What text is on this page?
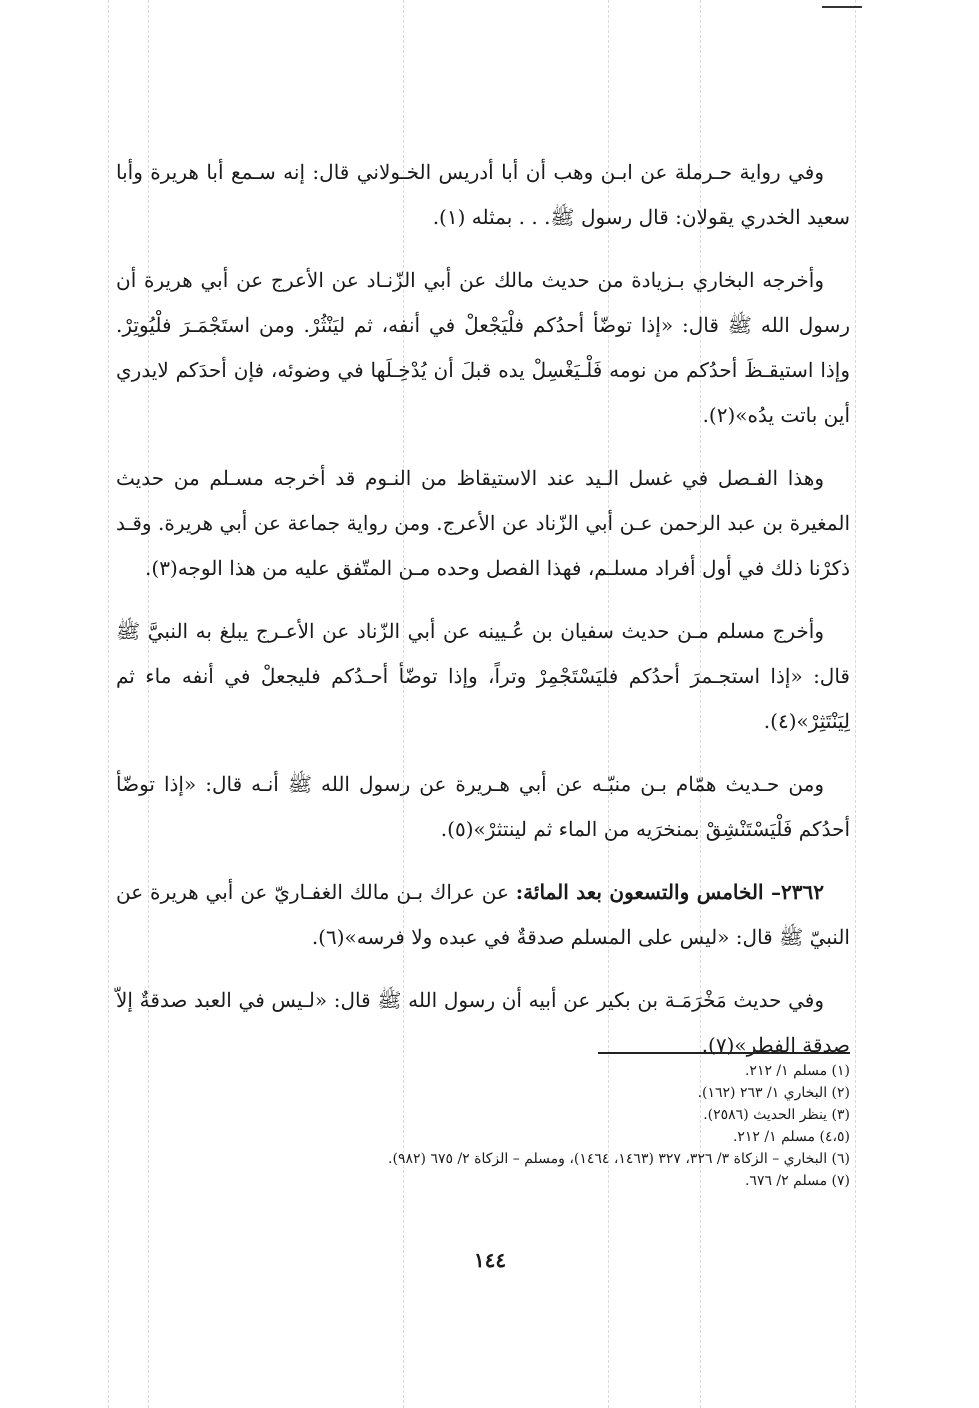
وفي رواية حـرملة عن ابـن وهب أن أبا أدريس الخـولاني قال: إنه سـمع أبا هريرة وأبا سعيد الخدري يقولان: قال رسول ﷺ. . . بمثله (١).

وأخرجه البخاري بـزيادة من حديث مالك عن أبي الزّنـاد عن الأعرج عن أبي هريرة أن رسول الله ﷺ قال: «إذا توضّأ أحدُكم فلْيَجْعلْ في أنفه، ثم ليَنْثُرْ. ومن استَجْمَـرَ فلْيُوتِرْ. وإذا استيقـظَ أحدُكم من نومه فَلْـيَغْسِلْ يده قبلَ أن يُدْخِـلَها في وضوئه، فإن أحدَكم لايدري أين باتت يدُه»(٢).

وهذا الفـصل في غسل الـيد عند الاستيقاظ من النـوم قد أخرجه مسـلم من حديث المغيرة بن عبد الرحمن عـن أبي الزّناد عن الأعرج. ومن رواية جماعة عن أبي هريرة. وقـد ذكرْنا ذلك في أول أفراد مسلـم، فهذا الفصل وحده مـن المتّفق عليه من هذا الوجه(٣).

وأخرج مسلم مـن حديث سفيان بن عُـيينه عن أبي الزّناد عن الأعـرج يبلغ به النبيَّ ﷺ قال: «إذا استجـمرَ أحدُكم فليَسْتَجْمِرْ وتراً، وإذا توضّأ أحـدُكم فليجعلْ في أنفه ماء ثم لِيَنْتَثِرْ»(٤).

ومن حـديث همّام بـن منبّـه عن أبي هـريرة عن رسول الله ﷺ أنـه قال: «إذا توضّأ أحدُكم فَلْيَسْتَنْشِقْ بمنخرَيه من الماء ثم لينتثرْ»(٥).

٢٣٦٢– الخامس والتسعون بعد المائة: عن عراك بـن مالك الغفـاريّ عن أبي هريرة عن النبيّ ﷺ قال: «ليس على المسلم صدقةٌ في عبده ولا فرسه»(٦).

وفي حديث مَخْرَمَـة بن بكير عن أبيه أن رسول الله ﷺ قال: «لـيس في العبد صدقةٌ إلاّ صدقة الفطر»(٧).

(١) مسلم ١/ ٢١٢.

(٢) البخاري ١/ ٢٦٣ (١٦٢).

(٣) ينظر الحديث (٢٥٨٦).

(٤،٥) مسلم ١/ ٢١٢.

(٦) البخاري – الزكاة ٣/ ٣٢٦، ٣٢٧ (١٤٦٣، ١٤٦٤)، ومسلم – الزكاة ٢/ ٦٧٥ (٩٨٢).

(٧) مسلم ٢/ ٦٧٦.

١٤٤
